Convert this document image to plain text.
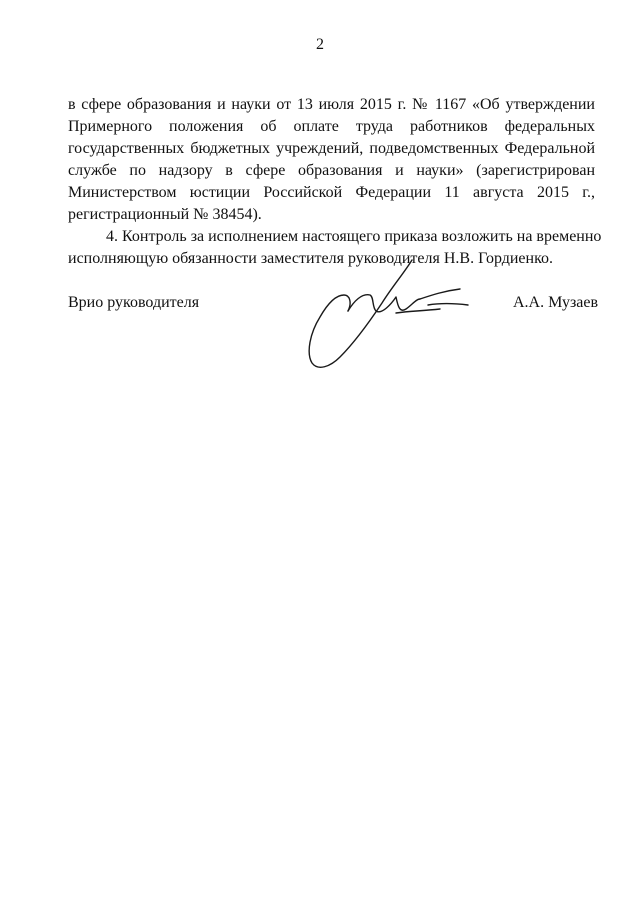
2

в сфере образования и науки от 13 июля 2015 г. № 1167 «Об утверждении
Примерного положения об оплате труда работников федеральных
государственных бюджетных учреждений, подведомственных Федеральной
службе по надзору в сфере образования и науки» (зарегистрирован
Министерством юстиции Российской Федерации 11 августа 2015 г.,
регистрационный № 38454).

4. Контроль за исполнением настоящего приказа возложить на временно
исполняющую обязанности заместителя руководителя Н.В. Гордиенко.

Врио руководителя	А.А. Музаев
